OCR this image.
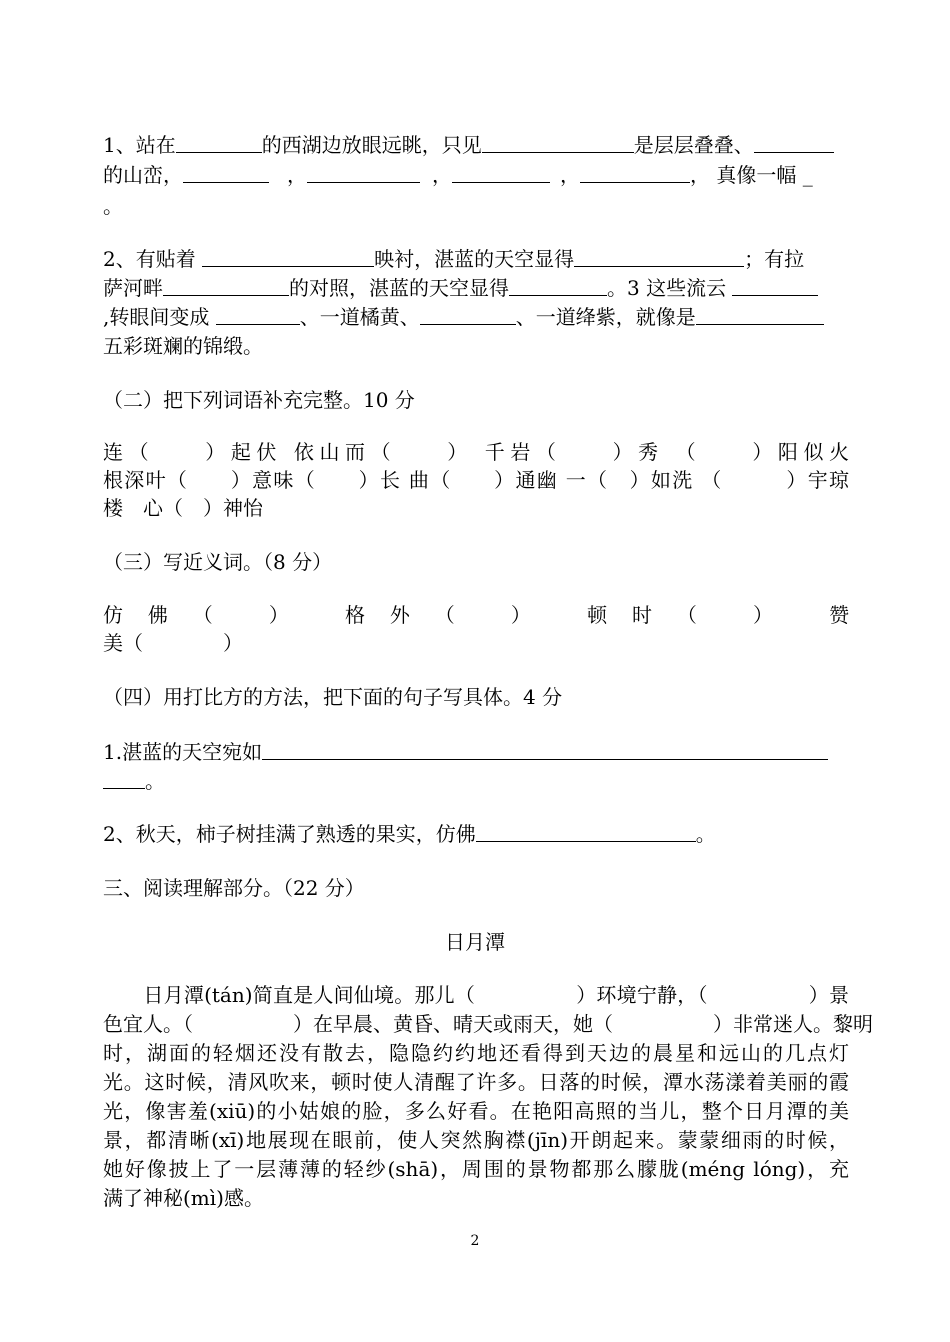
1、站在	的西湖边放眼远眺，只见	是层层叠叠、
的山峦，	，	，	，	， 真像一幅 _
。
2、有贴着	映衬，湛蓝的天空显得	；有拉
萨河畔	的对照，湛蓝的天空显得	。3 这些流云
,转眼间变成	、一道橘黄、	、一道绛紫，就像是
五彩斑斓的锦缎。
（二）把下列词语补充完整。10 分
连（　　）起伏 依山而（　　） 千岩（　　）秀 （　　）阳似火
根深叶（　　）意味（　　）长 曲（　　）通幽 一（　）如洗 （　　　）宇琼
楼　心（　）神怡
（三）写近义词。（8 分）
仿佛（ ） 格外（ ） 顿时（ ） 赞
美（　　　　）
（四）用打比方的方法，把下面的句子写具体。4 分
1.湛蓝的天空宛如
。
2、秋天，柿子树挂满了熟透的果实，仿佛	。
三、阅读理解部分。（22 分）
日月潭
　　日月潭(tán)简直是人间仙境。那儿（　　　　　）环境宁静，（　　　　　）景
色宜人。（　　　　　）在早晨、黄昏、晴天或雨天，她（　　　　　）非常迷人。黎明
时，湖面的轻烟还没有散去，隐隐约约地还看得到天边的晨星和远山的几点灯
光。这时候，清风吹来，顿时使人清醒了许多。日落的时候，潭水荡漾着美丽的霞
光，像害羞(xiū)的小姑娘的脸，多么好看。在艳阳高照的当儿，整个日月潭的美
景，都清晰(xī)地展现在眼前，使人突然胸襟(jīn)开朗起来。蒙蒙细雨的时候，
她好像披上了一层薄薄的轻纱(shā)，周围的景物都那么朦胧(méng lóng)，充
满了神秘(mì)感。
2
